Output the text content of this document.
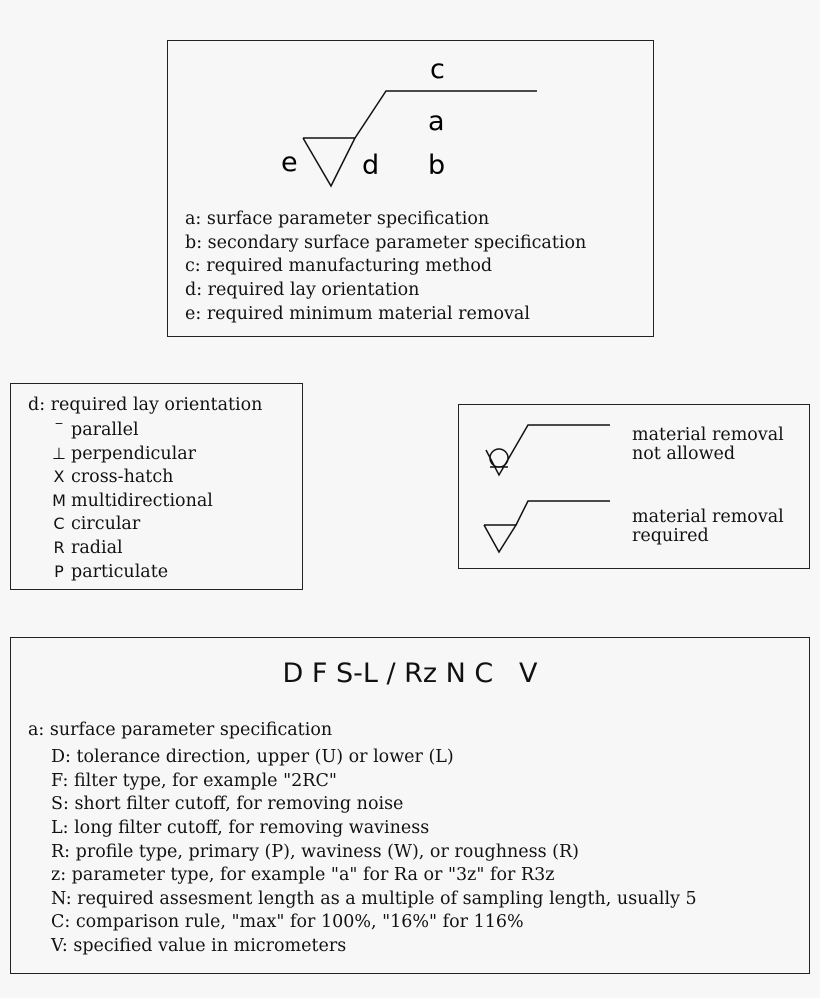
c
a
b
d
e
a: surface parameter specification
b: secondary surface parameter specification
c: required manufacturing method
d: required lay orientation
e: required minimum material removal
d: required lay orientation
‾ parallel
⊥ perpendicular
X cross-hatch
M multidirectional
C circular
R radial
P particulate
material removal
not allowed
material removal
required
D F S-L / Rz N C   V
a: surface parameter specification
D: tolerance direction, upper (U) or lower (L)
F: filter type, for example "2RC"
S: short filter cutoff, for removing noise
L: long filter cutoff, for removing waviness
R: profile type, primary (P), waviness (W), or roughness (R)
z: parameter type, for example "a" for Ra or "3z" for R3z
N: required assesment length as a multiple of sampling length, usually 5
C: comparison rule, "max" for 100%, "16%" for 116%
V: specified value in micrometers
